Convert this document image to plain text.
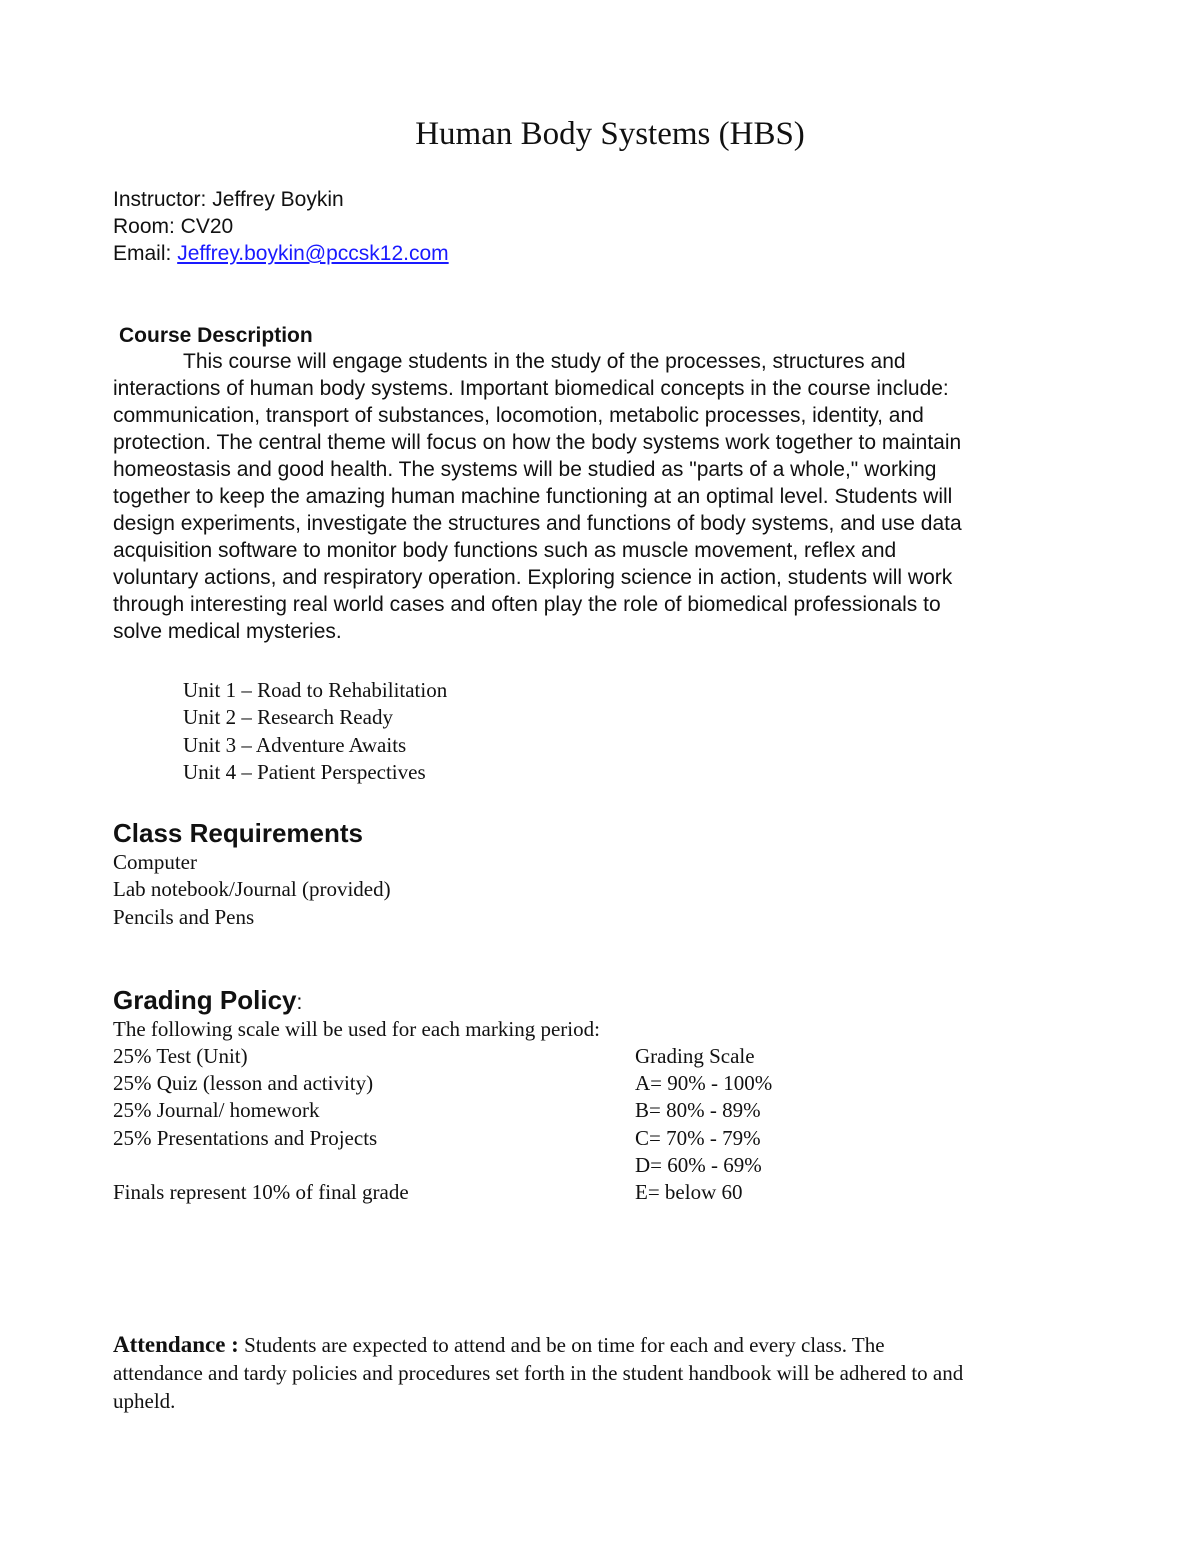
Human Body Systems (HBS)
Instructor: Jeffrey Boykin
Room: CV20
Email: Jeffrey.boykin@pccsk12.com
Course Description
This course will engage students in the study of the processes, structures and
interactions of human body systems. Important biomedical concepts in the course include:
communication, transport of substances, locomotion, metabolic processes, identity, and
protection. The central theme will focus on how the body systems work together to maintain
homeostasis and good health. The systems will be studied as "parts of a whole," working
together to keep the amazing human machine functioning at an optimal level. Students will
design experiments, investigate the structures and functions of body systems, and use data
acquisition software to monitor body functions such as muscle movement, reflex and
voluntary actions, and respiratory operation. Exploring science in action, students will work
through interesting real world cases and often play the role of biomedical professionals to
solve medical mysteries.
Unit 1 – Road to Rehabilitation
Unit 2 – Research Ready
Unit 3 – Adventure Awaits
Unit 4 – Patient Perspectives
Class Requirements
Computer
Lab notebook/Journal (provided)
Pencils and Pens
Grading Policy:
The following scale will be used for each marking period:
25% Test (Unit)
25% Quiz (lesson and activity)
25% Journal/ homework
25% Presentations and Projects
Finals represent 10% of final grade
Grading Scale
A= 90% - 100%
B= 80% - 89%
C= 70% - 79%
D= 60% - 69%
E= below 60
Attendance : Students are expected to attend and be on time for each and every class. The
attendance and tardy policies and procedures set forth in the student handbook will be adhered to and
upheld.
